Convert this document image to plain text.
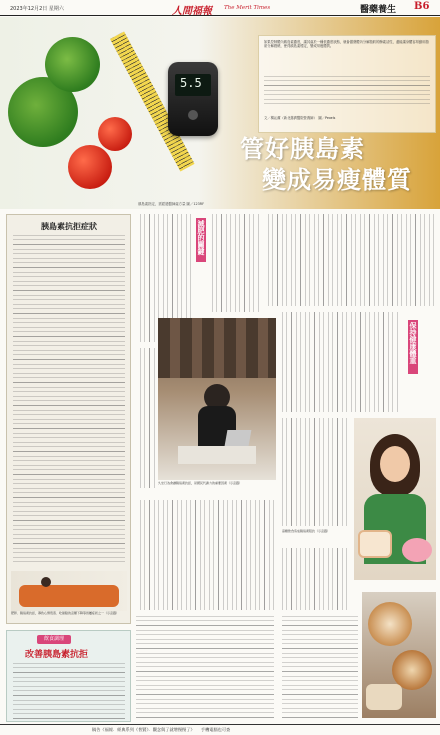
2023年12月2日 星期六	人間福報 The Merit Times	醫藥養生 B6
5.5
如果控制體內胰島素濃度，讓其處於一種低濃度狀態，就會激發體內分解脂肪的酶素活性，還能讓身體容易動用脂肪分解燃燒，使得胰島素穩定，變成易瘦體質。
文／楊沁潔（新北慈濟醫院營養師）　圖／Pexels
管好胰島素
變成易瘦體質
胰島素指定，需經過醫師處方量 圖／123RF
胰島素抗拒症狀
肥胖、胰島素抗拒，導致心情低落、吃甜點的意願下降等皆屬症狀之一（示意圖）
減肥的關鍵
久坐行為會讓胰島素抗拒，是國民代謝力的重要因素（示意圖）
保持健康體重
高糖飲食造成胰島素阻抗（示意圖）
飲食調理
改善胰島素抗拒
稿告《福報．經典系列《普賢》．觀念與了就增慢慢了》　　手機電腦也可查
